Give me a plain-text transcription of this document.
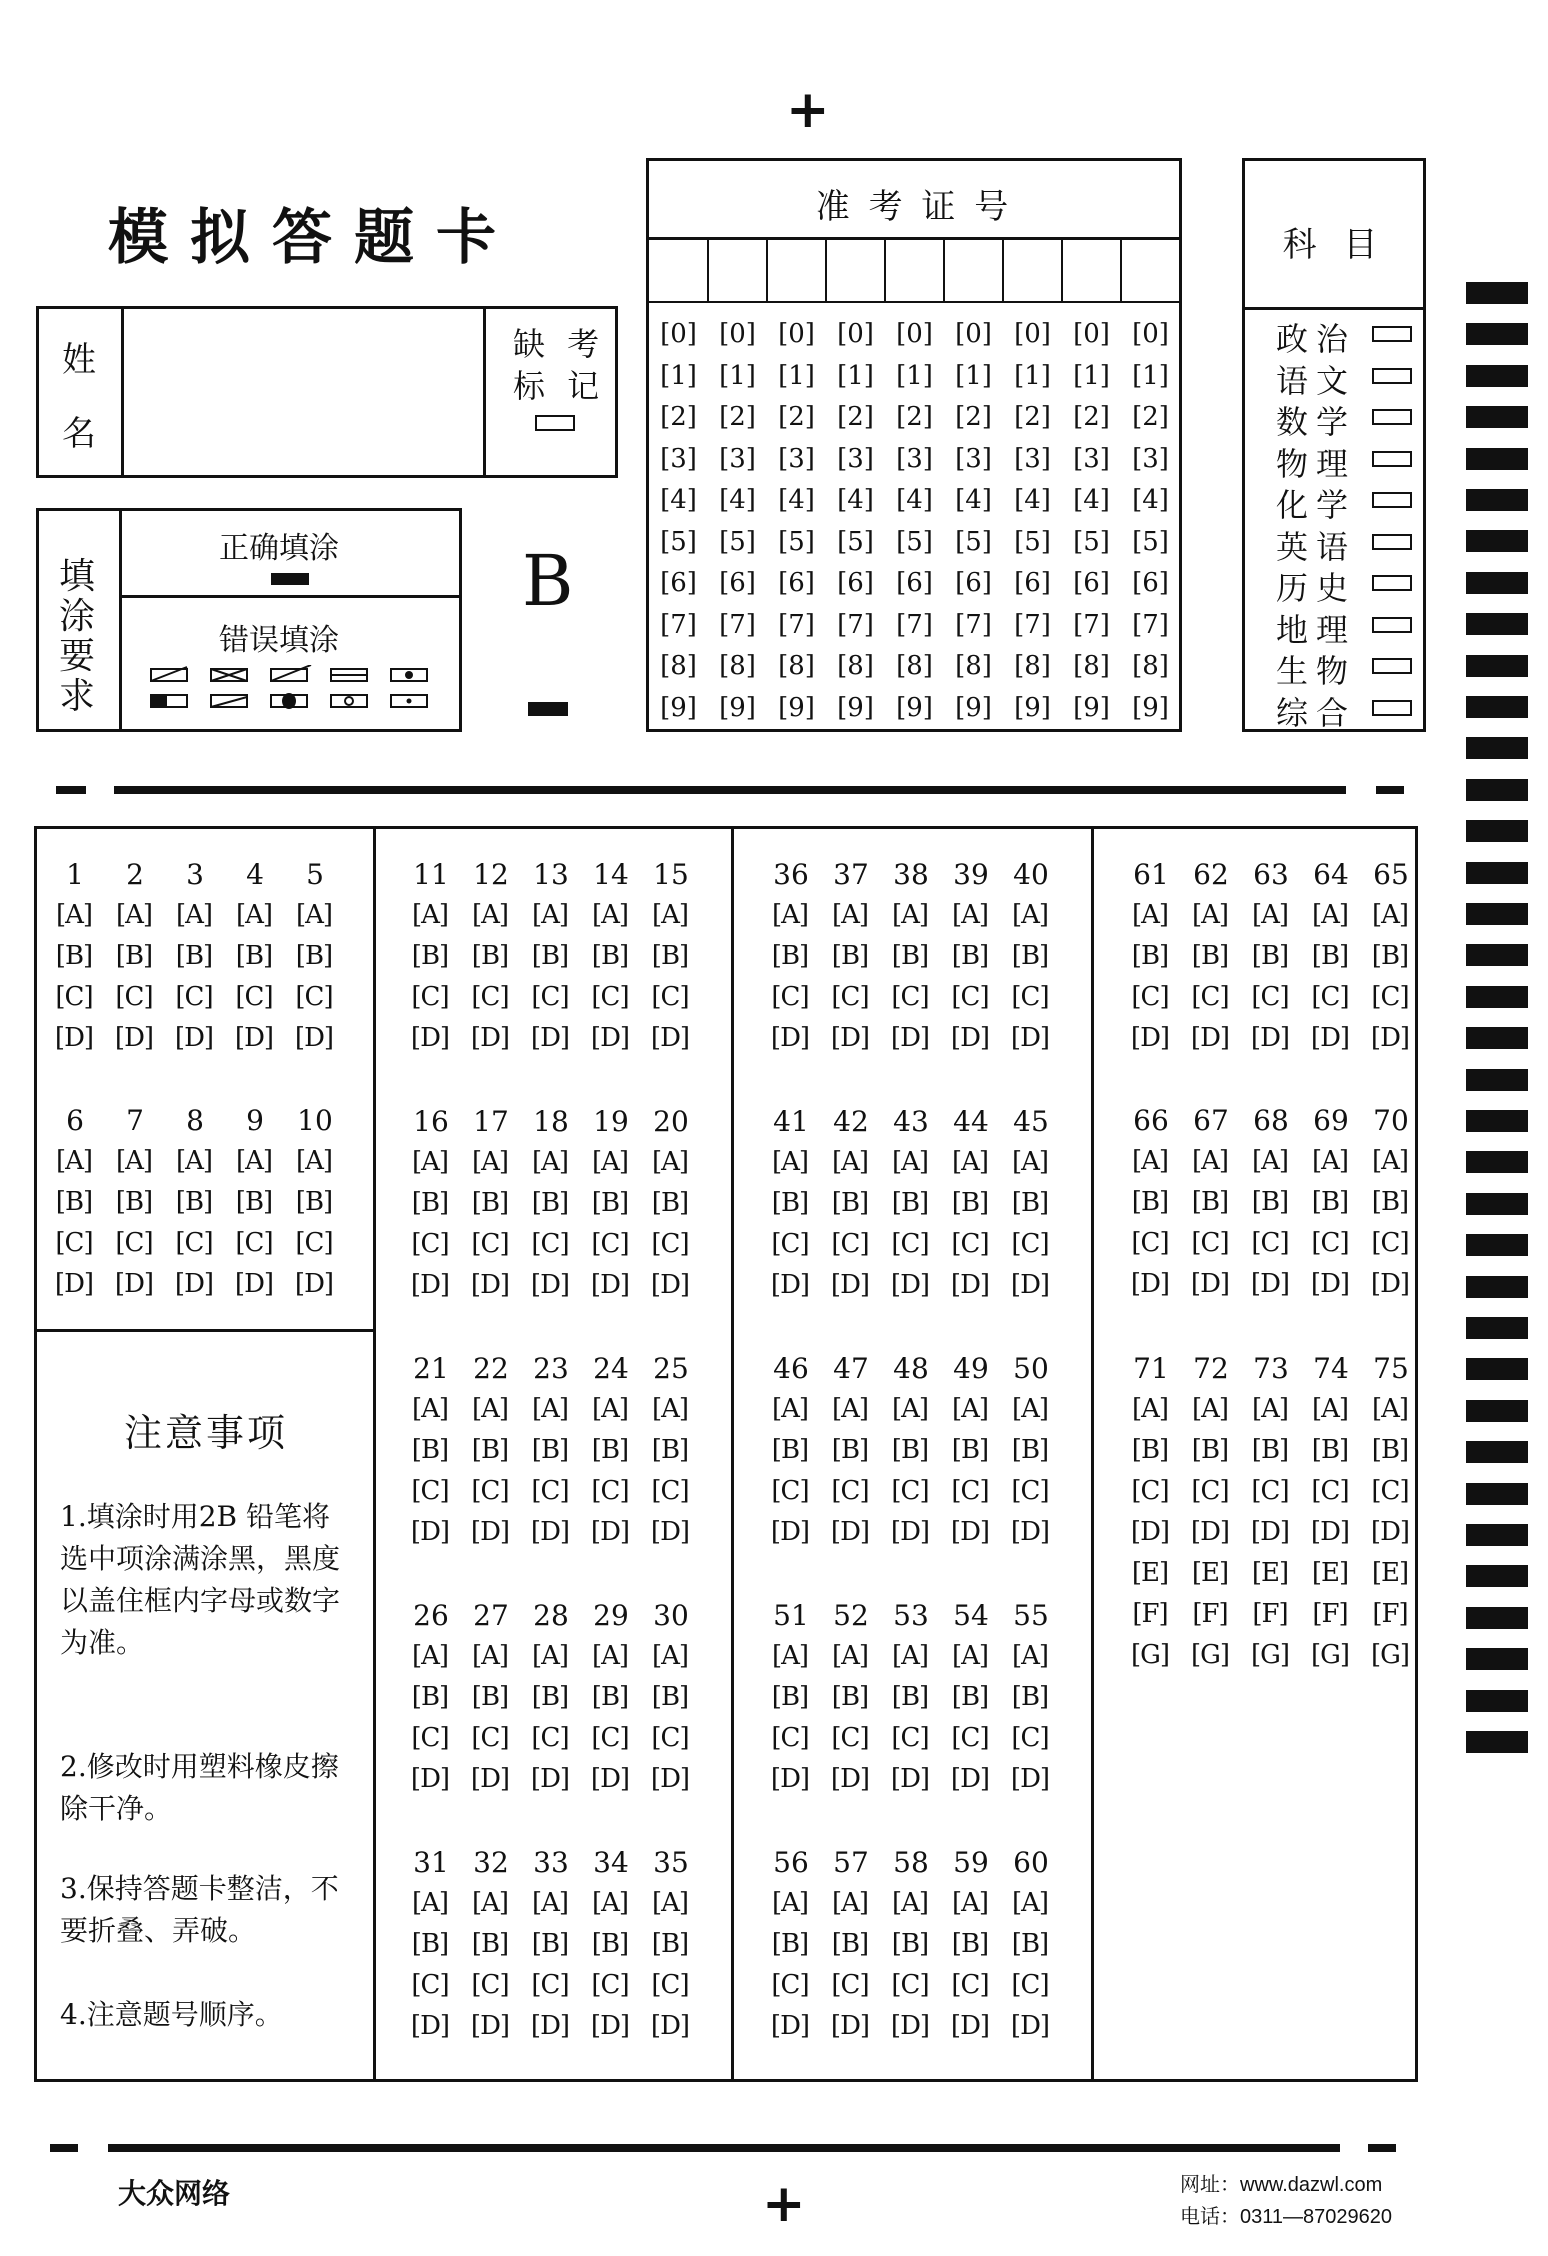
+
+
模拟答题卡
姓
名
缺 考
标 记
填
涂
要
求
正确填涂
错误填涂
B
准 考 证 号
[0]
[1]
[2]
[3]
[4]
[5]
[6]
[7]
[8]
[9]
[0]
[1]
[2]
[3]
[4]
[5]
[6]
[7]
[8]
[9]
[0]
[1]
[2]
[3]
[4]
[5]
[6]
[7]
[8]
[9]
[0]
[1]
[2]
[3]
[4]
[5]
[6]
[7]
[8]
[9]
[0]
[1]
[2]
[3]
[4]
[5]
[6]
[7]
[8]
[9]
[0]
[1]
[2]
[3]
[4]
[5]
[6]
[7]
[8]
[9]
[0]
[1]
[2]
[3]
[4]
[5]
[6]
[7]
[8]
[9]
[0]
[1]
[2]
[3]
[4]
[5]
[6]
[7]
[8]
[9]
[0]
[1]
[2]
[3]
[4]
[5]
[6]
[7]
[8]
[9]
科 目
政治
语文
数学
物理
化学
英语
历史
地理
生物
综合
1
[A]
[B]
[C]
[D]
2
[A]
[B]
[C]
[D]
3
[A]
[B]
[C]
[D]
4
[A]
[B]
[C]
[D]
5
[A]
[B]
[C]
[D]
6
[A]
[B]
[C]
[D]
7
[A]
[B]
[C]
[D]
8
[A]
[B]
[C]
[D]
9
[A]
[B]
[C]
[D]
10
[A]
[B]
[C]
[D]
11
[A]
[B]
[C]
[D]
12
[A]
[B]
[C]
[D]
13
[A]
[B]
[C]
[D]
14
[A]
[B]
[C]
[D]
15
[A]
[B]
[C]
[D]
16
[A]
[B]
[C]
[D]
17
[A]
[B]
[C]
[D]
18
[A]
[B]
[C]
[D]
19
[A]
[B]
[C]
[D]
20
[A]
[B]
[C]
[D]
21
[A]
[B]
[C]
[D]
22
[A]
[B]
[C]
[D]
23
[A]
[B]
[C]
[D]
24
[A]
[B]
[C]
[D]
25
[A]
[B]
[C]
[D]
26
[A]
[B]
[C]
[D]
27
[A]
[B]
[C]
[D]
28
[A]
[B]
[C]
[D]
29
[A]
[B]
[C]
[D]
30
[A]
[B]
[C]
[D]
31
[A]
[B]
[C]
[D]
32
[A]
[B]
[C]
[D]
33
[A]
[B]
[C]
[D]
34
[A]
[B]
[C]
[D]
35
[A]
[B]
[C]
[D]
36
[A]
[B]
[C]
[D]
37
[A]
[B]
[C]
[D]
38
[A]
[B]
[C]
[D]
39
[A]
[B]
[C]
[D]
40
[A]
[B]
[C]
[D]
41
[A]
[B]
[C]
[D]
42
[A]
[B]
[C]
[D]
43
[A]
[B]
[C]
[D]
44
[A]
[B]
[C]
[D]
45
[A]
[B]
[C]
[D]
46
[A]
[B]
[C]
[D]
47
[A]
[B]
[C]
[D]
48
[A]
[B]
[C]
[D]
49
[A]
[B]
[C]
[D]
50
[A]
[B]
[C]
[D]
51
[A]
[B]
[C]
[D]
52
[A]
[B]
[C]
[D]
53
[A]
[B]
[C]
[D]
54
[A]
[B]
[C]
[D]
55
[A]
[B]
[C]
[D]
56
[A]
[B]
[C]
[D]
57
[A]
[B]
[C]
[D]
58
[A]
[B]
[C]
[D]
59
[A]
[B]
[C]
[D]
60
[A]
[B]
[C]
[D]
61
[A]
[B]
[C]
[D]
62
[A]
[B]
[C]
[D]
63
[A]
[B]
[C]
[D]
64
[A]
[B]
[C]
[D]
65
[A]
[B]
[C]
[D]
66
[A]
[B]
[C]
[D]
67
[A]
[B]
[C]
[D]
68
[A]
[B]
[C]
[D]
69
[A]
[B]
[C]
[D]
70
[A]
[B]
[C]
[D]
71
[A]
[B]
[C]
[D]
[E]
[F]
[G]
72
[A]
[B]
[C]
[D]
[E]
[F]
[G]
73
[A]
[B]
[C]
[D]
[E]
[F]
[G]
74
[A]
[B]
[C]
[D]
[E]
[F]
[G]
75
[A]
[B]
[C]
[D]
[E]
[F]
[G]
注意事项
1.填涂时用2B 铅笔将选中项涂满涂黑，黑度以盖住框内字母或数字为准。
2.修改时用塑料橡皮擦除干净。
3.保持答题卡整洁，不要折叠、弄破。
4.注意题号顺序。
大众网络	网址：www.dazwl.com
电话：0311—87029620
